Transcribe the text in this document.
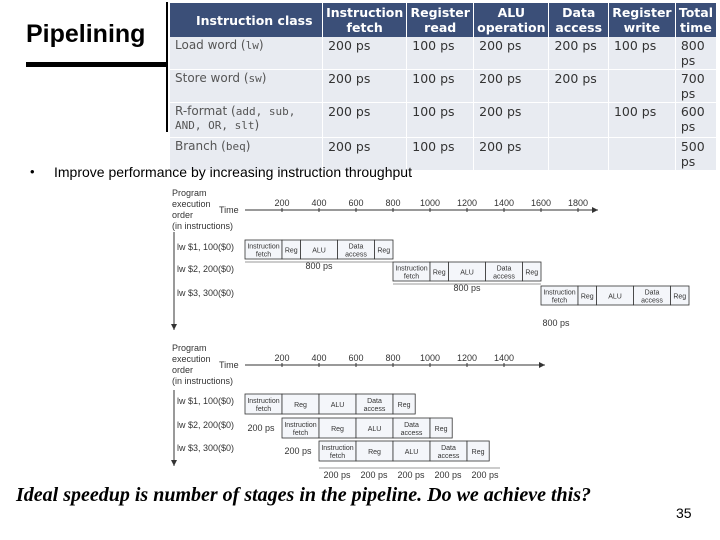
Pipelining	Instruction class	Instruction fetch	Register read	ALU operation	Data access	Register write	Total time
Load word (lw)	200 ps	100 ps	200 ps	200 ps	100 ps	800 ps
Store word (sw)	200 ps	100 ps	200 ps	200 ps		700 ps
R-format (add, sub, AND, OR, slt)	200 ps	100 ps	200 ps		100 ps	600 ps
Branch (beq)	200 ps	100 ps	200 ps			500 ps
• Improve performance by increasing instruction throughput
Program
execution
order
(in instructions)
Time
200 400 600 800 1000 1200 1400 1600 1800
lw $1, 100($0) Instruction
fetch
Reg ALU
Data
access
Reg
800 ps
lw $2, 200($0)	Instruction
fetch
Reg ALU
Data
access
Reg
800 ps
lw $3, 300($0)	Instruction
fetch
Reg ALU
Data
access
Reg
800 ps
Program
execution
order
(in instructions)
Time
200 400 600 800 1000 1200 1400
lw $1, 100($0) Instruction
fetch
Reg	ALU
Data
access
Reg
lw $2, 200($0)	Instruction
fetch
Reg	ALU
Data
access
Reg
lw $3, 300($0)	Instruction
fetch
Reg	ALU
Data
access
Reg
200 ps
200 ps
200 ps 200 ps 200 ps 200 ps 200 ps
Ideal speedup is number of stages in the pipeline. Do we achieve this?
35
